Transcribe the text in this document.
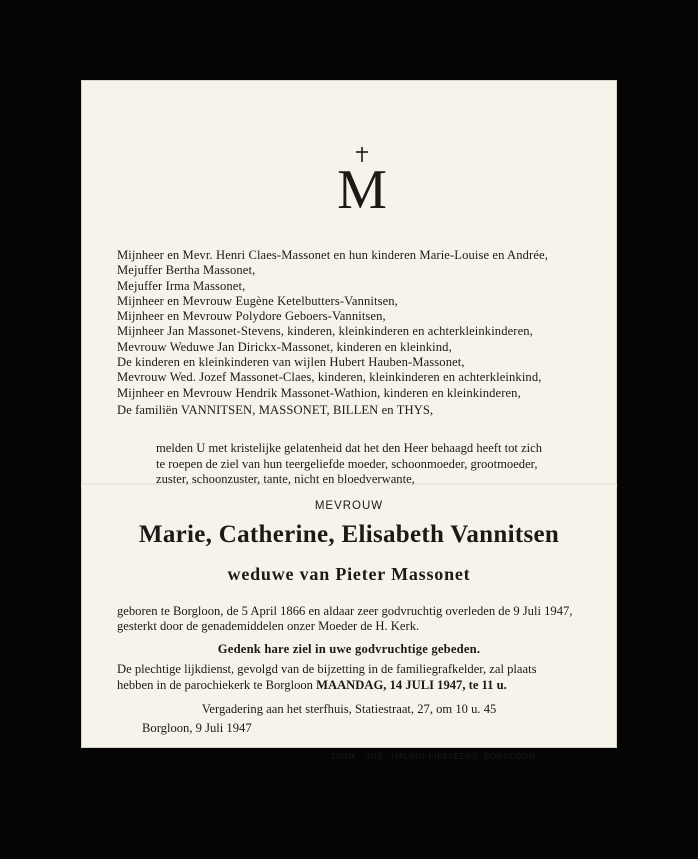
M
Mijnheer en Mevr. Henri Claes-Massonet en hun kinderen Marie-Louise en Andrée,
Mejuffer Bertha Massonet,
Mejuffer Irma Massonet,
Mijnheer en Mevrouw Eugène Ketelbutters-Vannitsen,
Mijnheer en Mevrouw Polydore Geboers-Vannitsen,
Mijnheer Jan Massonet-Stevens, kinderen, kleinkinderen en achterkleinkinderen,
Mevrouw Weduwe Jan Dirickx-Massonet, kinderen en kleinkind,
De kinderen en kleinkinderen van wijlen Hubert Hauben-Massonet,
Mevrouw Wed. Jozef Massonet-Claes, kinderen, kleinkinderen en achterkleinkind,
Mijnheer en Mevrouw Hendrik Massonet-Wathion, kinderen en kleinkinderen,
De familiën VANNITSEN, MASSONET, BILLEN en THYS,
melden U met kristelijke gelatenheid dat het den Heer behaagd heeft tot zich
te roepen de ziel van hun teergeliefde moeder, schoonmoeder, grootmoeder,
zuster, schoonzuster, tante, nicht en bloedverwante,
MEVROUW
Marie, Catherine, Elisabeth Vannitsen
weduwe van Pieter Massonet
geboren te Borgloon, de 5 April 1866 en aldaar zeer godvruchtig overleden de 9 Juli 1947, gesterkt door de genademiddelen onzer Moeder de H. Kerk.
Gedenk hare ziel in uwe godvruchtige gebeden.
De plechtige lijkdienst, gevolgd van de bijzetting in de familiegrafkelder, zal plaats
hebben in de parochiekerk te Borgloon MAANDAG, 14 JULI 1947, te 11 u.
Vergadering aan het sterfhuis, Statiestraat, 27, om 10 u. 45
Borgloon, 9 Juli 1947
DRUK. JOS. HALING-PIPELEERS BORGLOON
